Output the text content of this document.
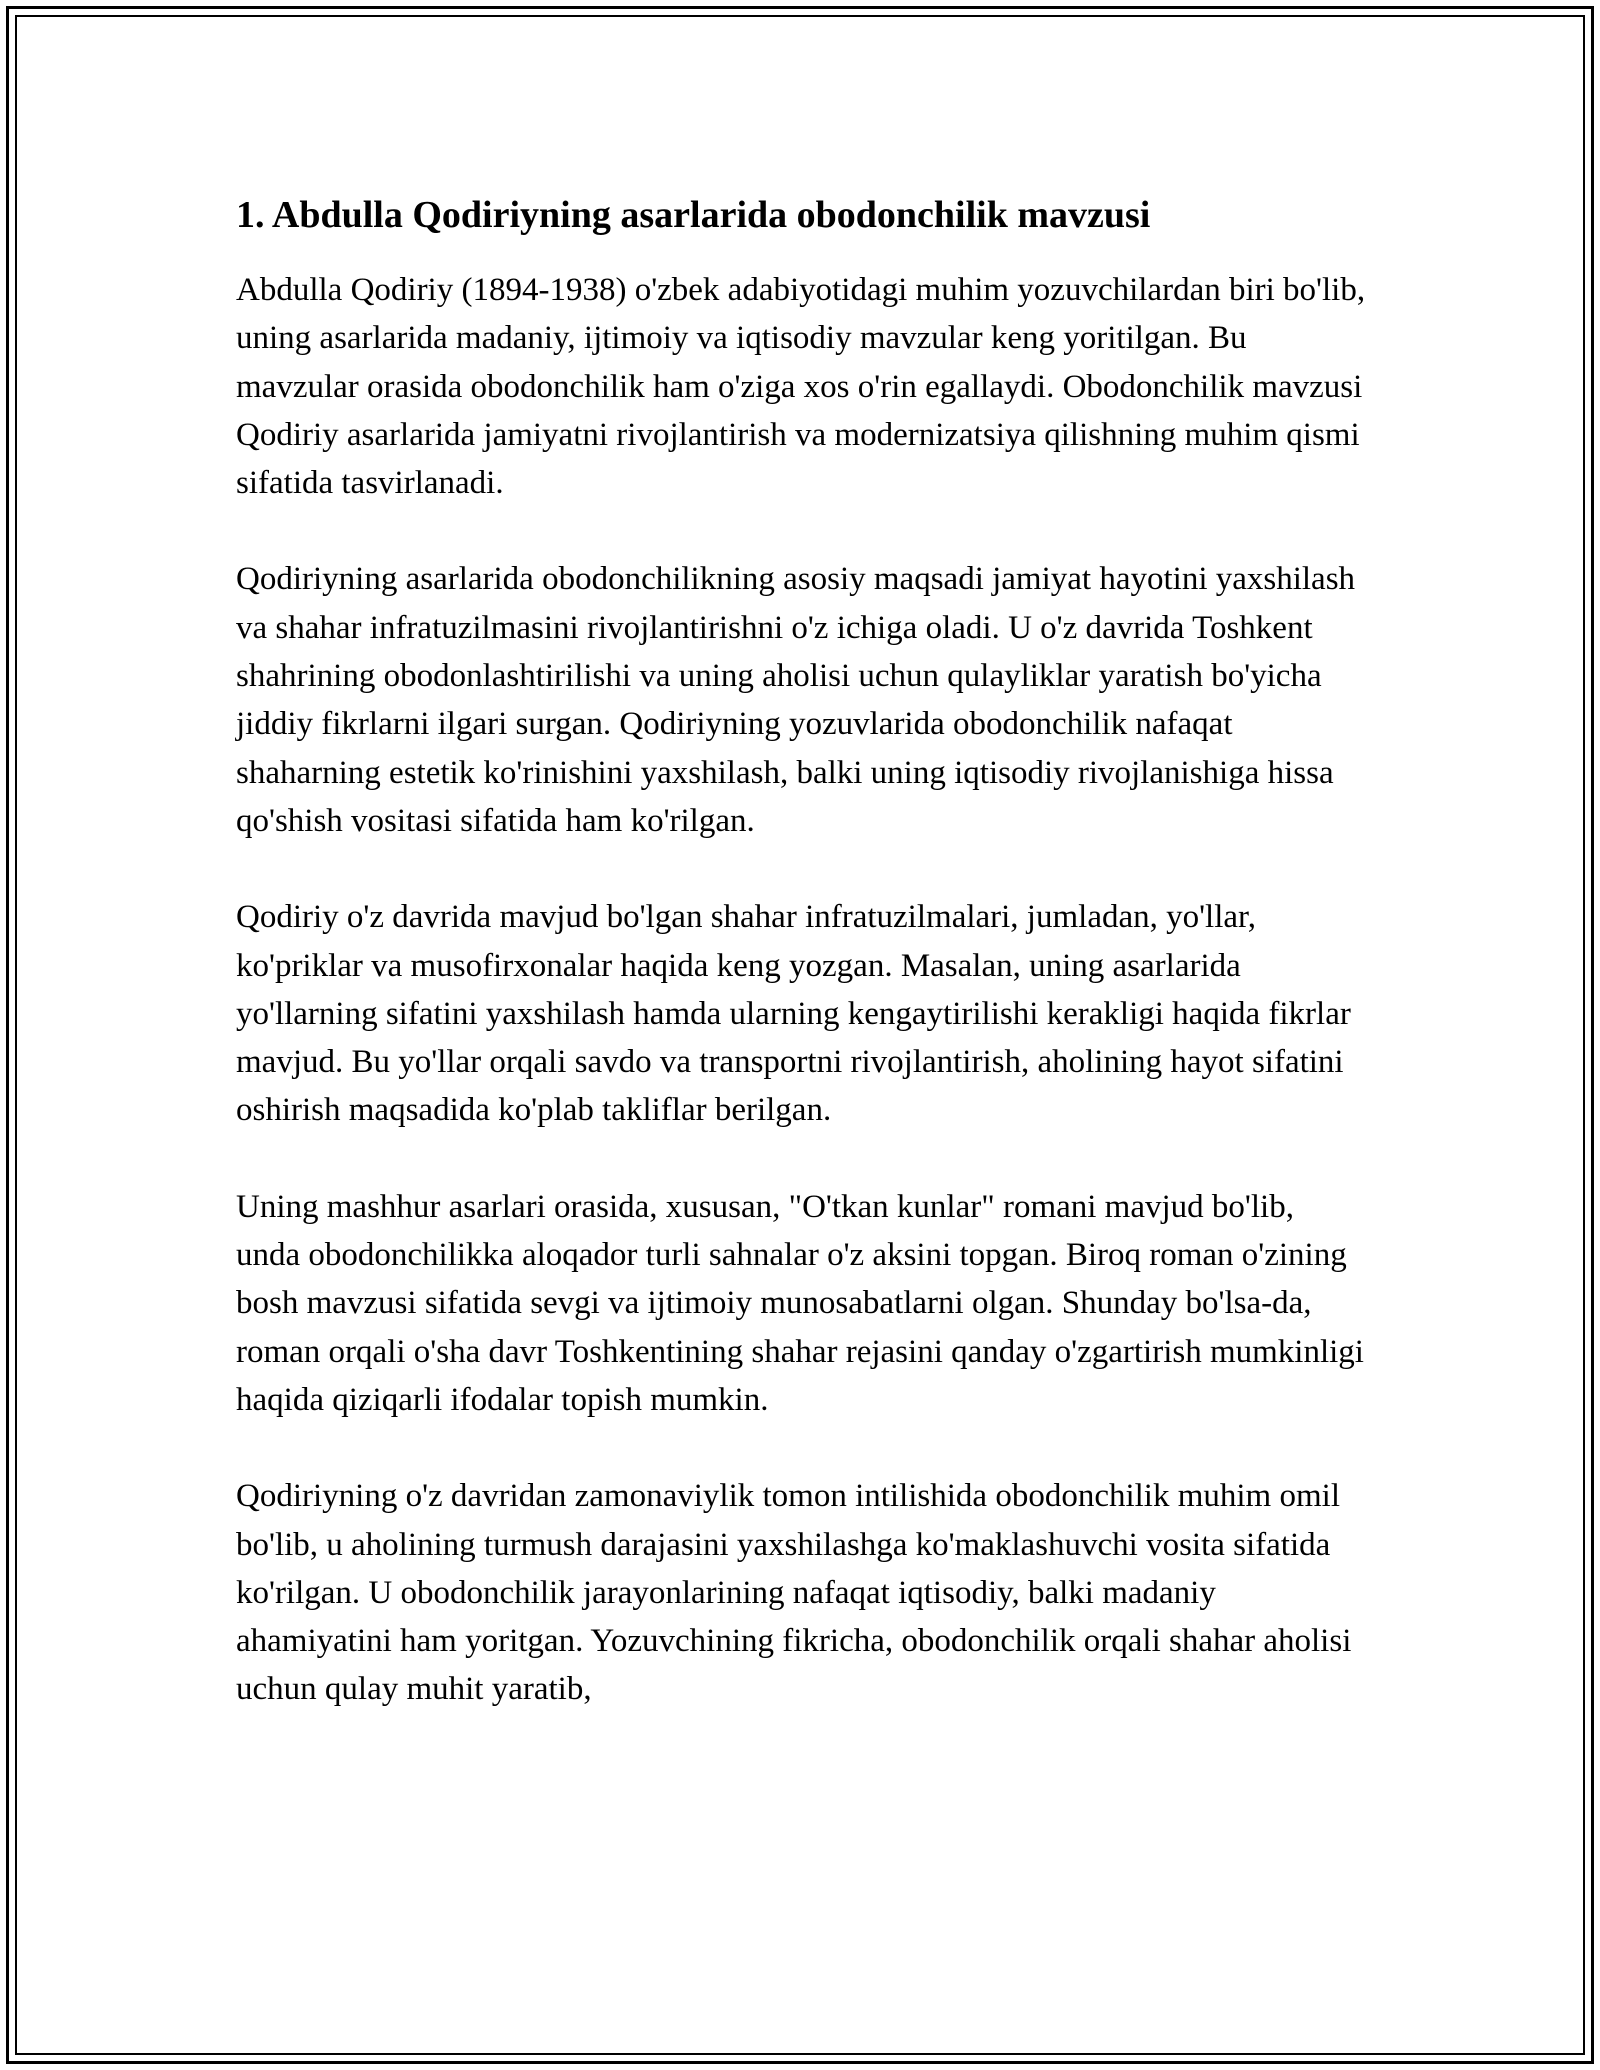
1. Abdulla Qodiriyning asarlarida obodonchilik mavzusi

Abdulla Qodiriy (1894-1938) o'zbek adabiyotidagi muhim yozuvchilardan biri bo'lib, uning asarlarida madaniy, ijtimoiy va iqtisodiy mavzular keng yoritilgan. Bu mavzular orasida obodonchilik ham o'ziga xos o'rin egallaydi. Obodonchilik mavzusi Qodiriy asarlarida jamiyatni rivojlantirish va modernizatsiya qilishning muhim qismi sifatida tasvirlanadi.

Qodiriyning asarlarida obodonchilikning asosiy maqsadi jamiyat hayotini yaxshilash va shahar infratuzilmasini rivojlantirishni o'z ichiga oladi. U o'z davrida Toshkent shahrining obodonlashtirilishi va uning aholisi uchun qulayliklar yaratish bo'yicha jiddiy fikrlarni ilgari surgan. Qodiriyning yozuvlarida obodonchilik nafaqat shaharning estetik ko'rinishini yaxshilash, balki uning iqtisodiy rivojlanishiga hissa qo'shish vositasi sifatida ham ko'rilgan.

Qodiriy o'z davrida mavjud bo'lgan shahar infratuzilmalari, jumladan, yo'llar, ko'priklar va musofirxonalar haqida keng yozgan. Masalan, uning asarlarida yo'llarning sifatini yaxshilash hamda ularning kengaytirilishi kerakligi haqida fikrlar mavjud. Bu yo'llar orqali savdo va transportni rivojlantirish, aholining hayot sifatini oshirish maqsadida ko'plab takliflar berilgan.

Uning mashhur asarlari orasida, xususan, "O'tkan kunlar" romani mavjud bo'lib, unda obodonchilikka aloqador turli sahnalar o'z aksini topgan. Biroq roman o'zining bosh mavzusi sifatida sevgi va ijtimoiy munosabatlarni olgan. Shunday bo'lsa-da, roman orqali o'sha davr Toshkentining shahar rejasini qanday o'zgartirish mumkinligi haqida qiziqarli ifodalar topish mumkin.

Qodiriyning o'z davridan zamonaviylik tomon intilishida obodonchilik muhim omil bo'lib, u aholining turmush darajasini yaxshilashga ko'maklashuvchi vosita sifatida ko'rilgan. U obodonchilik jarayonlarining nafaqat iqtisodiy, balki madaniy ahamiyatini ham yoritgan. Yozuvchining fikricha, obodonchilik orqali shahar aholisi uchun qulay muhit yaratib,
